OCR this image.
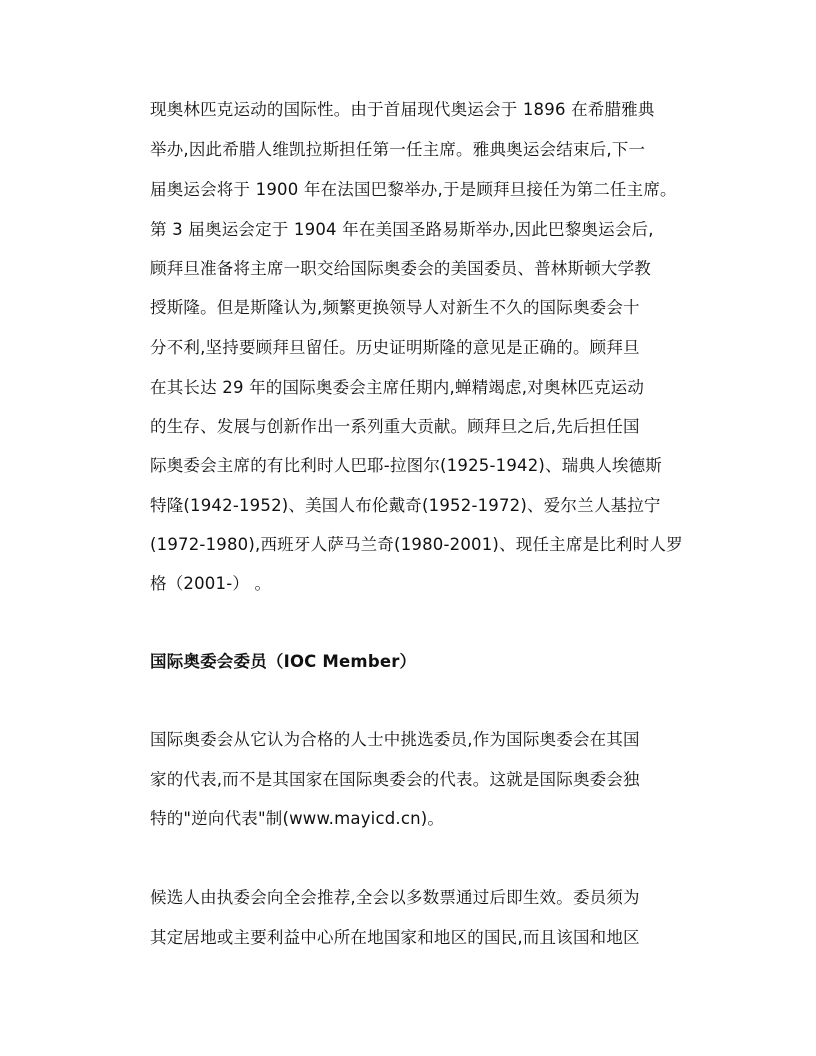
现奥林匹克运动的国际性。由于首届现代奥运会于 1896 在希腊雅典
举办,因此希腊人维凯拉斯担任第一任主席。雅典奥运会结束后,下一
届奥运会将于 1900 年在法国巴黎举办,于是顾拜旦接任为第二任主席。
第 3 届奥运会定于 1904 年在美国圣路易斯举办,因此巴黎奥运会后,
顾拜旦准备将主席一职交给国际奥委会的美国委员、普林斯顿大学教
授斯隆。但是斯隆认为,频繁更换领导人对新生不久的国际奥委会十
分不利,坚持要顾拜旦留任。历史证明斯隆的意见是正确的。顾拜旦
在其长达 29 年的国际奥委会主席任期内,蝉精竭虑,对奥林匹克运动
的生存、发展与创新作出一系列重大贡献。顾拜旦之后,先后担任国
际奥委会主席的有比利时人巴耶-拉图尔(1925-1942)、瑞典人埃德斯
特隆(1942-1952)、美国人布伦戴奇(1952-1972)、爱尔兰人基拉宁
(1972-1980),西班牙人萨马兰奇(1980-2001)、现任主席是比利时人罗
格（2001-） 。
国际奥委会委员（IOC Member）
国际奥委会从它认为合格的人士中挑选委员,作为国际奥委会在其国
家的代表,而不是其国家在国际奥委会的代表。这就是国际奥委会独
特的"逆向代表"制(www.mayicd.cn)。
候选人由执委会向全会推荐,全会以多数票通过后即生效。委员须为
其定居地或主要利益中心所在地国家和地区的国民,而且该国和地区
